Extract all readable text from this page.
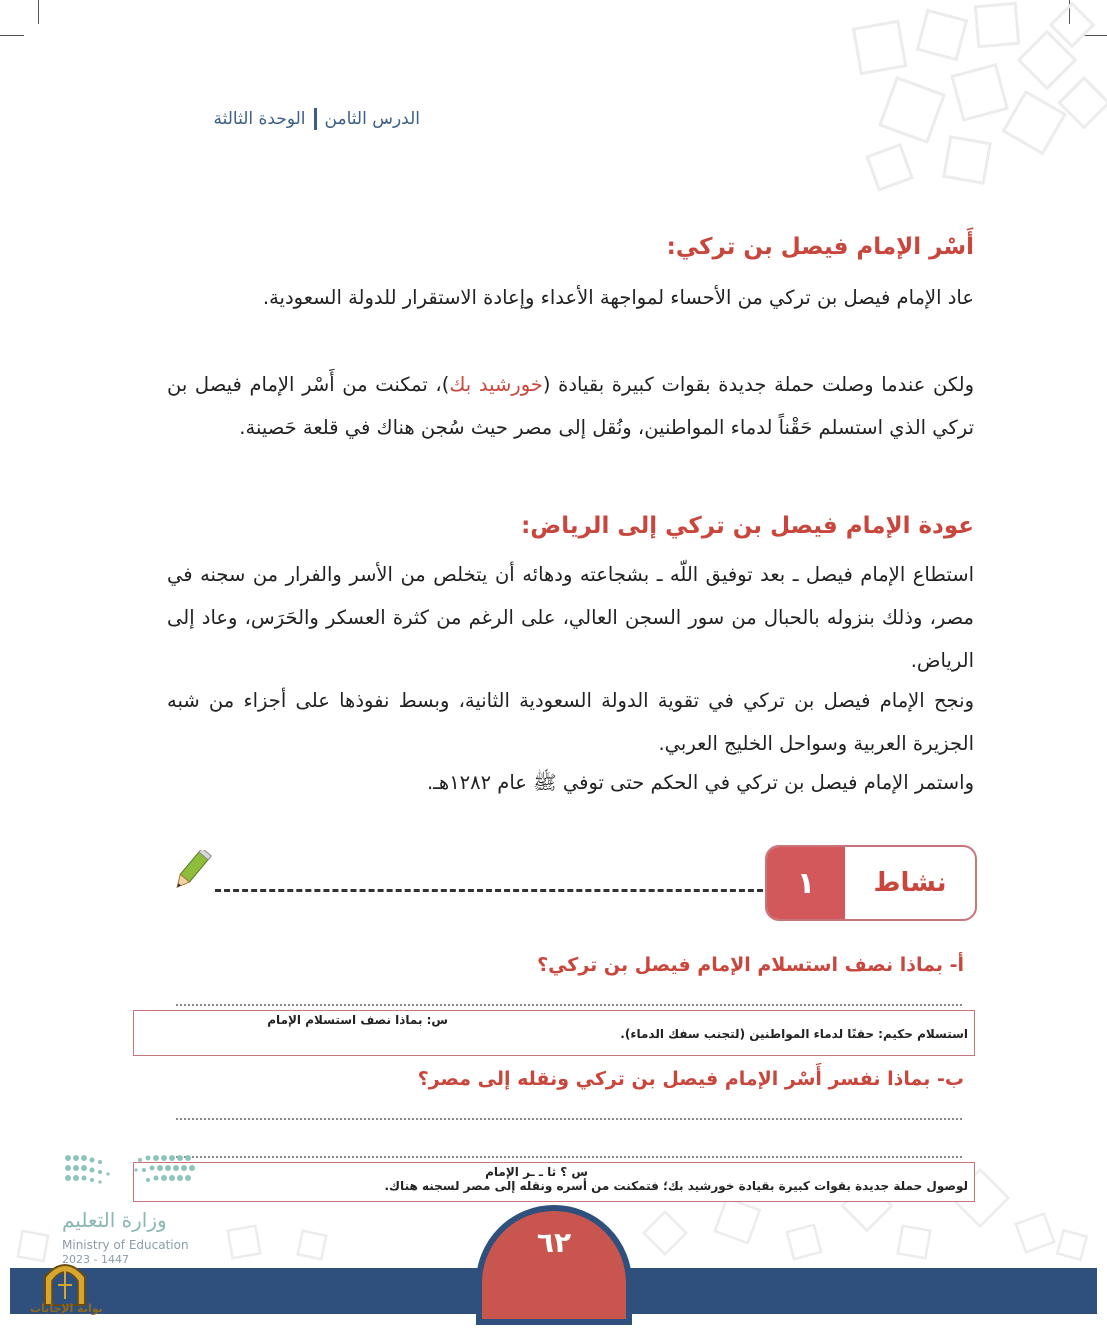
الوحدة الثالثة الدرس الثامن
أَسْر الإمام فيصل بن تركي:
عاد الإمام فيصل بن تركي من الأحساء لمواجهة الأعداء وإعادة الاستقرار للدولة السعودية.
ولكن عندما وصلت حملة جديدة بقوات كبيرة بقيادة (خورشيد بك)، تمكنت من أَسْر الإمام فيصل بن تركي الذي استسلم حَقْناً لدماء المواطنين، ونُقل إلى مصر حيث سُجن هناك في قلعة حَصينة.
عودة الإمام فيصل بن تركي إلى الرياض:
استطاع الإمام فيصل ـ بعد توفيق اللّه ـ بشجاعته ودهائه أن يتخلص من الأسر والفرار من سجنه في مصر، وذلك بنزوله بالحبال من سور السجن العالي، على الرغم من كثرة العسكر والحَرَس، وعاد إلى الرياض.
ونجح الإمام فيصل بن تركي في تقوية الدولة السعودية الثانية، وبسط نفوذها على أجزاء من شبه الجزيرة العربية وسواحل الخليج العربي.
واستمر الإمام فيصل بن تركي في الحكم حتى توفي ﷺ عام ١٢٨٢هـ.
١	نشاط
أ- بماذا نصف استسلام الإمام فيصل بن تركي؟
س: بماذا نصف استسلام الإمام
استسلام حكيم: حقنًا لدماء المواطنين (لتجنب سفك الدماء).
ب- بماذا نفسر أَسْر الإمام فيصل بن تركي ونقله إلى مصر؟
س ؟ ثا ـ ـر الإمام
لوصول حملة جديدة بقوات كبيرة بقيادة خورشيد بك؛ فتمكنت من أسره ونقله إلى مصر لسجنه هناك.
وزارة التعليم
Ministry of Education
2023 - 1447
٦٢
بوابة الإجابات
